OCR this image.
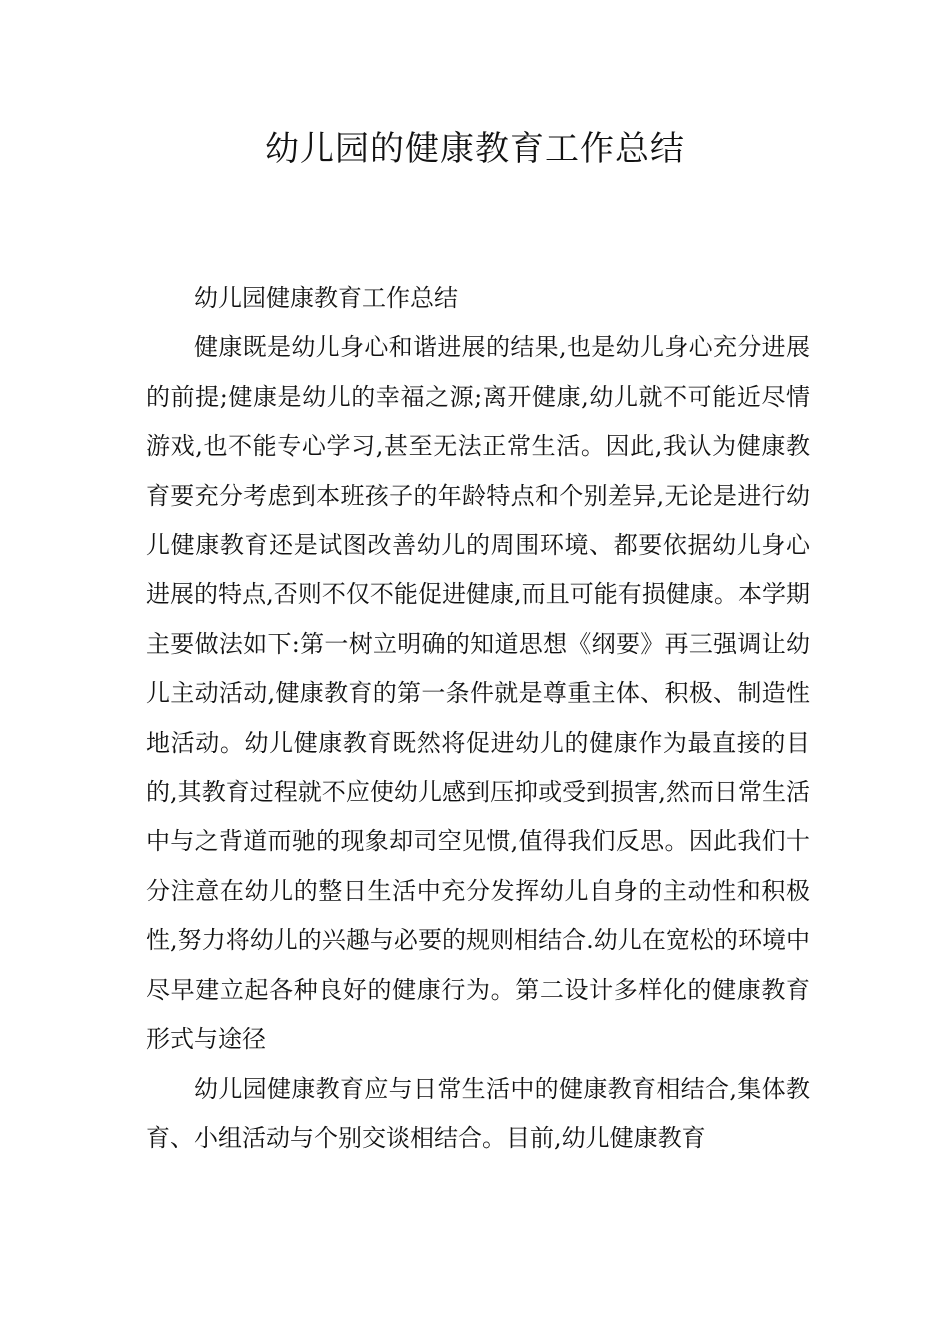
幼儿园的健康教育工作总结

幼儿园健康教育工作总结

健康既是幼儿身心和谐进展的结果,也是幼儿身心充分进展的前提;健康是幼儿的幸福之源;离开健康,幼儿就不可能近尽情游戏,也不能专心学习,甚至无法正常生活。因此,我认为健康教育要充分考虑到本班孩子的年龄特点和个别差异,无论是进行幼儿健康教育还是试图改善幼儿的周围环境、都要依据幼儿身心进展的特点,否则不仅不能促进健康,而且可能有损健康。本学期主要做法如下:第一树立明确的知道思想《纲要》再三强调让幼儿主动活动,健康教育的第一条件就是尊重主体、积极、制造性地活动。幼儿健康教育既然将促进幼儿的健康作为最直接的目的,其教育过程就不应使幼儿感到压抑或受到损害,然而日常生活中与之背道而驰的现象却司空见惯,值得我们反思。因此我们十分注意在幼儿的整日生活中充分发挥幼儿自身的主动性和积极性,努力将幼儿的兴趣与必要的规则相结合.幼儿在宽松的环境中尽早建立起各种良好的健康行为。第二设计多样化的健康教育形式与途径

幼儿园健康教育应与日常生活中的健康教育相结合,集体教育、小组活动与个别交谈相结合。目前,幼儿健康教育
